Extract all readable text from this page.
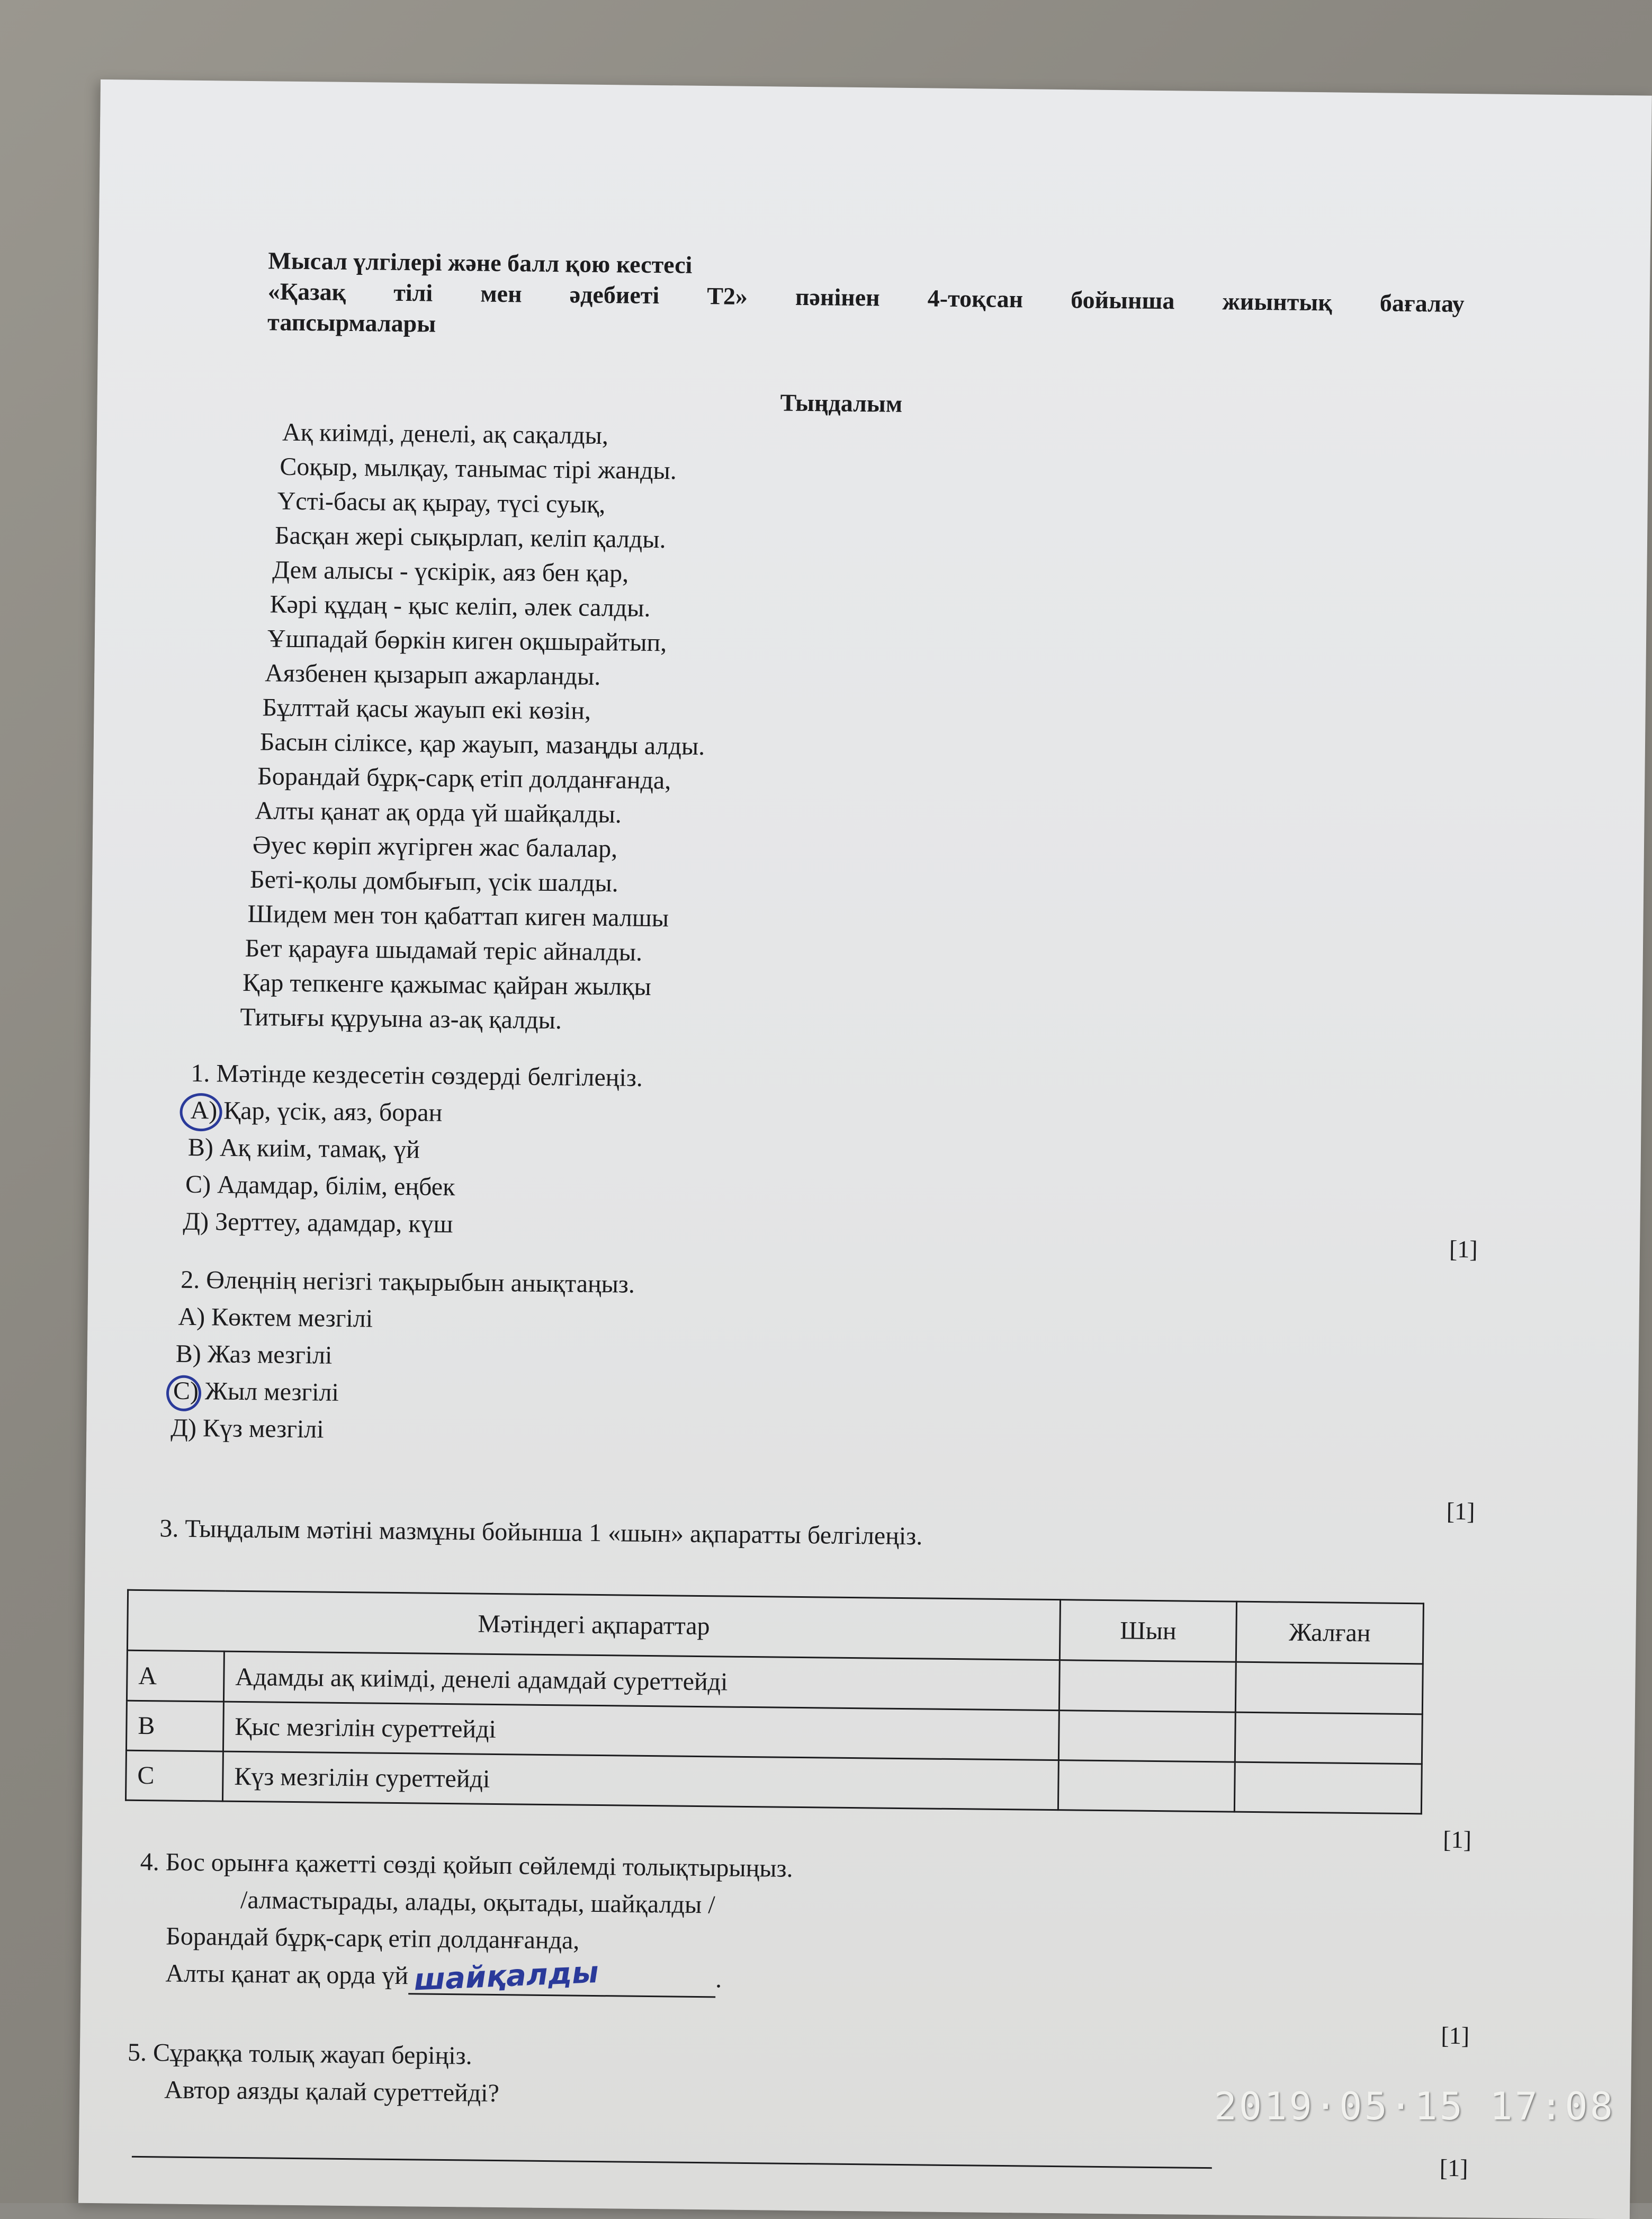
Мысал үлгілері және балл қою кестесі
«Қазақ тілі мен әдебиеті Т2» пәнінен 4-тоқсан бойынша жиынтық бағалау
тапсырмалары
Тыңдалым
Ақ киімді, денелі, ақ сақалды,
Соқыр, мылқау, танымас тірі жанды.
Үсті-басы ақ қырау, түсі суық,
Басқан жері сықырлап, келіп қалды.
Дем алысы - үскірік, аяз бен қар,
Кәрі құдаң - қыс келіп, әлек салды.
Ұшпадай бөркін киген оқшырайтып,
Аязбенен қызарып ажарланды.
Бұлттай қасы жауып екі көзін,
Басын сіліксе, қар жауып, мазаңды алды.
Борандай бұрқ-сарқ етіп долданғанда,
Алты қанат ақ орда үй шайқалды.
Әуес көріп жүгірген жас балалар,
Беті-қолы домбығып, үсік шалды.
Шидем мен тон қабаттап киген малшы
Бет қарауға шыдамай теріс айналды.
Қар тепкенге қажымас қайран жылқы
Титығы құруына аз-ақ қалды.
1. Мәтінде кездесетін сөздерді белгілеңіз.
A) Қар, үсік, аяз, боран
B) Ақ киім, тамақ, үй
C) Адамдар, білім, еңбек
Д) Зерттеу, адамдар, күш
[1]
2. Өлеңнің негізгі тақырыбын анықтаңыз.
A) Көктем мезгілі
B) Жаз мезгілі
C) Жыл мезгілі
Д) Күз мезгілі
[1]
3. Тыңдалым мәтіні мазмұны бойынша 1 «шын» ақпаратты белгілеңіз.
Мәтіндегі ақпараттар		Шын	Жалған
A	Адамды ақ киімді, денелі адамдай суреттейді		
B	Қыс мезгілін суреттейді		
C	Күз мезгілін суреттейді		
[1]
4. Бос орынға қажетті сөзді қойып сөйлемді толықтырыңыз.
/алмастырады, алады, оқытады, шайқалды /
Борандай бұрқ-сарқ етіп долданғанда,
Алты қанат ақ орда үй шайқалды	.
[1]
5. Сұраққа толық жауап беріңіз.
Автор аязды қалай суреттейді?
[1]
2019·05·15 17:08
